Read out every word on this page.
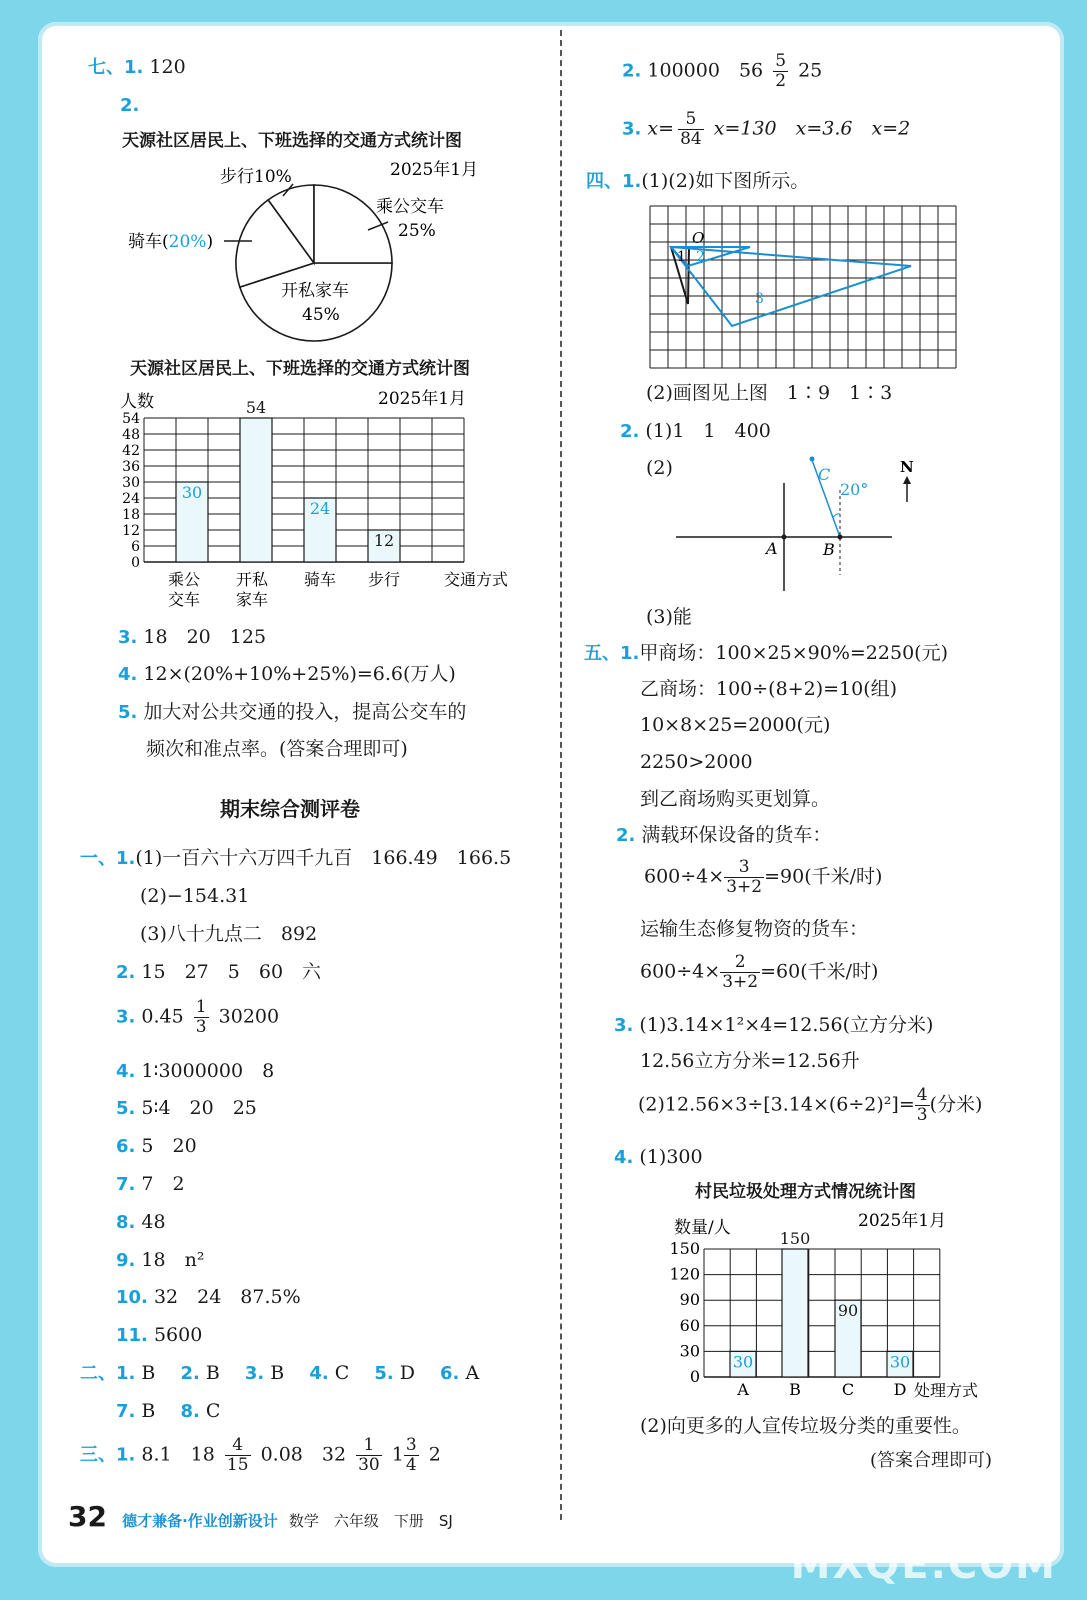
七、1. 120
2.
天源社区居民上、下班选择的交通方式统计图
2025年1月
步行10%
乘公交车
25%
开私家车
45%
骑车(20%)
天源社区居民上、下班选择的交通方式统计图
人数	2025年1月
0
6
12
18
24
30
36
42
48
54
30
54
24
12
乘公
交车
开私
家车
骑车 步行	交通方式
3. 18　20　125
4. 12×(20%+10%+25%)=6.6(万人)
5. 加大对公共交通的投入，提高公交车的
频次和准点率。(答案合理即可)
期末综合测评卷
一、1.(1)一百六十六万四千九百　166.49　166.5
(2)−154.31
(3)八十九点二　892
2. 15　27　5　60　六
3. $0.45 \frac{1}{3} 30200$
4. 1∶3000000　8
5. 5∶4　20　25
6. 5　20
7. 7　2
8. 48
9. 18　n²
10. 32　24　87.5%
11. 5600
二、1. B　 2. B　 3. B　 4. C　 5. D　 6. A
7. B　 8. C
三、1. 8.1　$18 \frac{4}{15} 0.08$　$32 \frac{1}{30} 1 \frac{3}{4} 2$
2. 100000　$56 \frac{5}{2} 25$
3. $x= \frac{5}{84} x=130$　x=3.6　x=2
四、1.(1)(2)如下图所示。
O
1 2
3
(2)画图见上图　1∶9　1∶3
2. (1)1　1　400
(2)	N
C
20°
A	B
(3)能
五、1.甲商场：100×25×90%=2250(元)
乙商场：100÷(8+2)=10(组)
10×8×25=2000(元)
2250>2000
到乙商场购买更划算。
2. 满载环保设备的货车：
$600\div 4\times \frac{3}{3+2} =90$(千米/时)
运输生态修复物资的货车：
$600\div 4\times \frac{2}{3+2} =60$(千米/时)
3. (1)3.14×1²×4=12.56(立方分米)
12.56立方分米=12.56升
$(2)12.56\times 3\div[3.14\times(6\div 2)^2]= \frac{4}{3}$ (分米)
4. (1)300
村民垃圾处理方式情况统计图
数量/人	2025年1月
0
30
60
90
120
150
30
150
90
30
A	B	C D 处理方式
(2)向更多的人宣传垃圾分类的重要性。
(答案合理即可)
32 德才兼备·作业创新设计 数学　六年级　下册　SJ
MXQE.COM
